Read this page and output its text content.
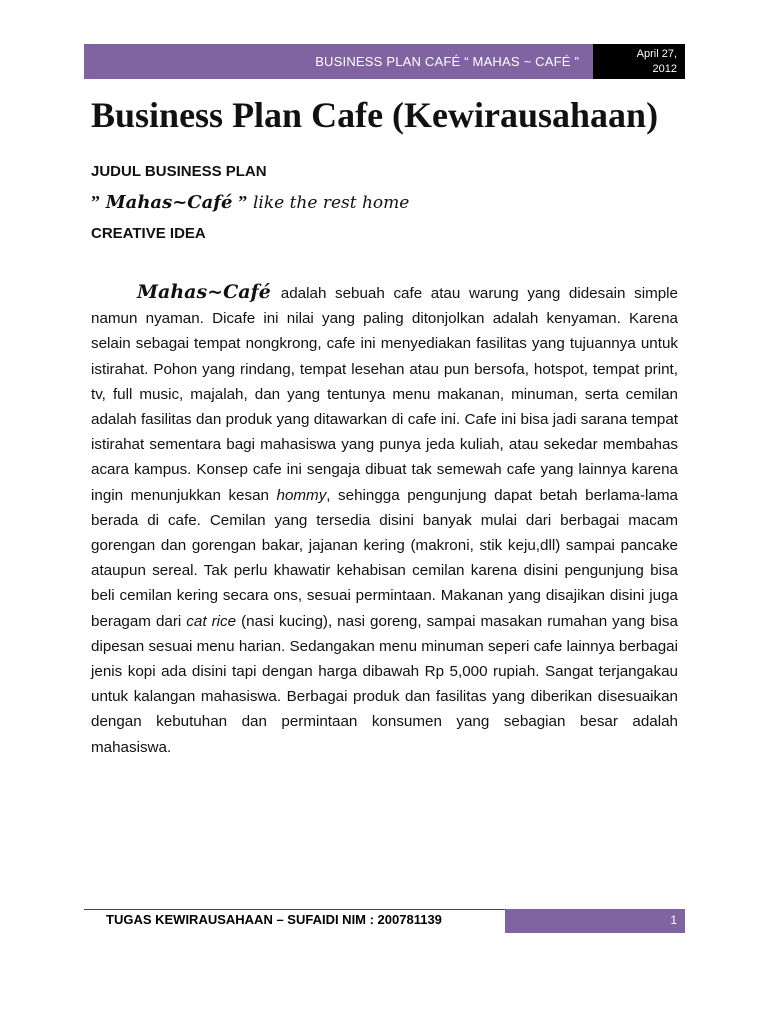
BUSINESS PLAN CAFÉ “ MAHAS ~ CAFÉ ”	April 27,
2012
Business Plan Cafe (Kewirausahaan)

JUDUL BUSINESS PLAN

” Mahas~Café ” like the rest home

CREATIVE IDEA

Mahas~Café adalah sebuah cafe atau warung yang didesain simple namun nyaman. Dicafe ini nilai yang paling ditonjolkan adalah kenyaman. Karena selain sebagai tempat nongkrong, cafe ini menyediakan fasilitas yang tujuannya untuk istirahat. Pohon yang rindang, tempat lesehan atau pun bersofa, hotspot, tempat print, tv, full music, majalah, dan yang tentunya menu makanan, minuman, serta cemilan adalah fasilitas dan produk yang ditawarkan di cafe ini. Cafe ini bisa jadi sarana tempat istirahat sementara bagi mahasiswa yang punya jeda kuliah, atau sekedar membahas acara kampus. Konsep cafe ini sengaja dibuat tak semewah cafe yang lainnya karena ingin menunjukkan kesan hommy, sehingga pengunjung dapat betah berlama-lama berada di cafe. Cemilan yang tersedia disini banyak mulai dari berbagai macam gorengan dan gorengan bakar, jajanan kering (makroni, stik keju,dll) sampai pancake ataupun sereal. Tak perlu khawatir kehabisan cemilan karena disini pengunjung bisa beli cemilan kering secara ons, sesuai permintaan. Makanan yang disajikan disini juga beragam dari cat rice (nasi kucing), nasi goreng, sampai masakan rumahan yang bisa dipesan sesuai menu harian. Sedangakan menu minuman seperi cafe lainnya berbagai jenis kopi ada disini tapi dengan harga dibawah Rp 5,000 rupiah. Sangat terjangakau untuk kalangan mahasiswa. Berbagai produk dan fasilitas yang diberikan disesuaikan dengan kebutuhan dan permintaan konsumen yang sebagian besar adalah mahasiswa.

TUGAS KEWIRAUSAHAAN – SUFAIDI NIM : 200781139	1
